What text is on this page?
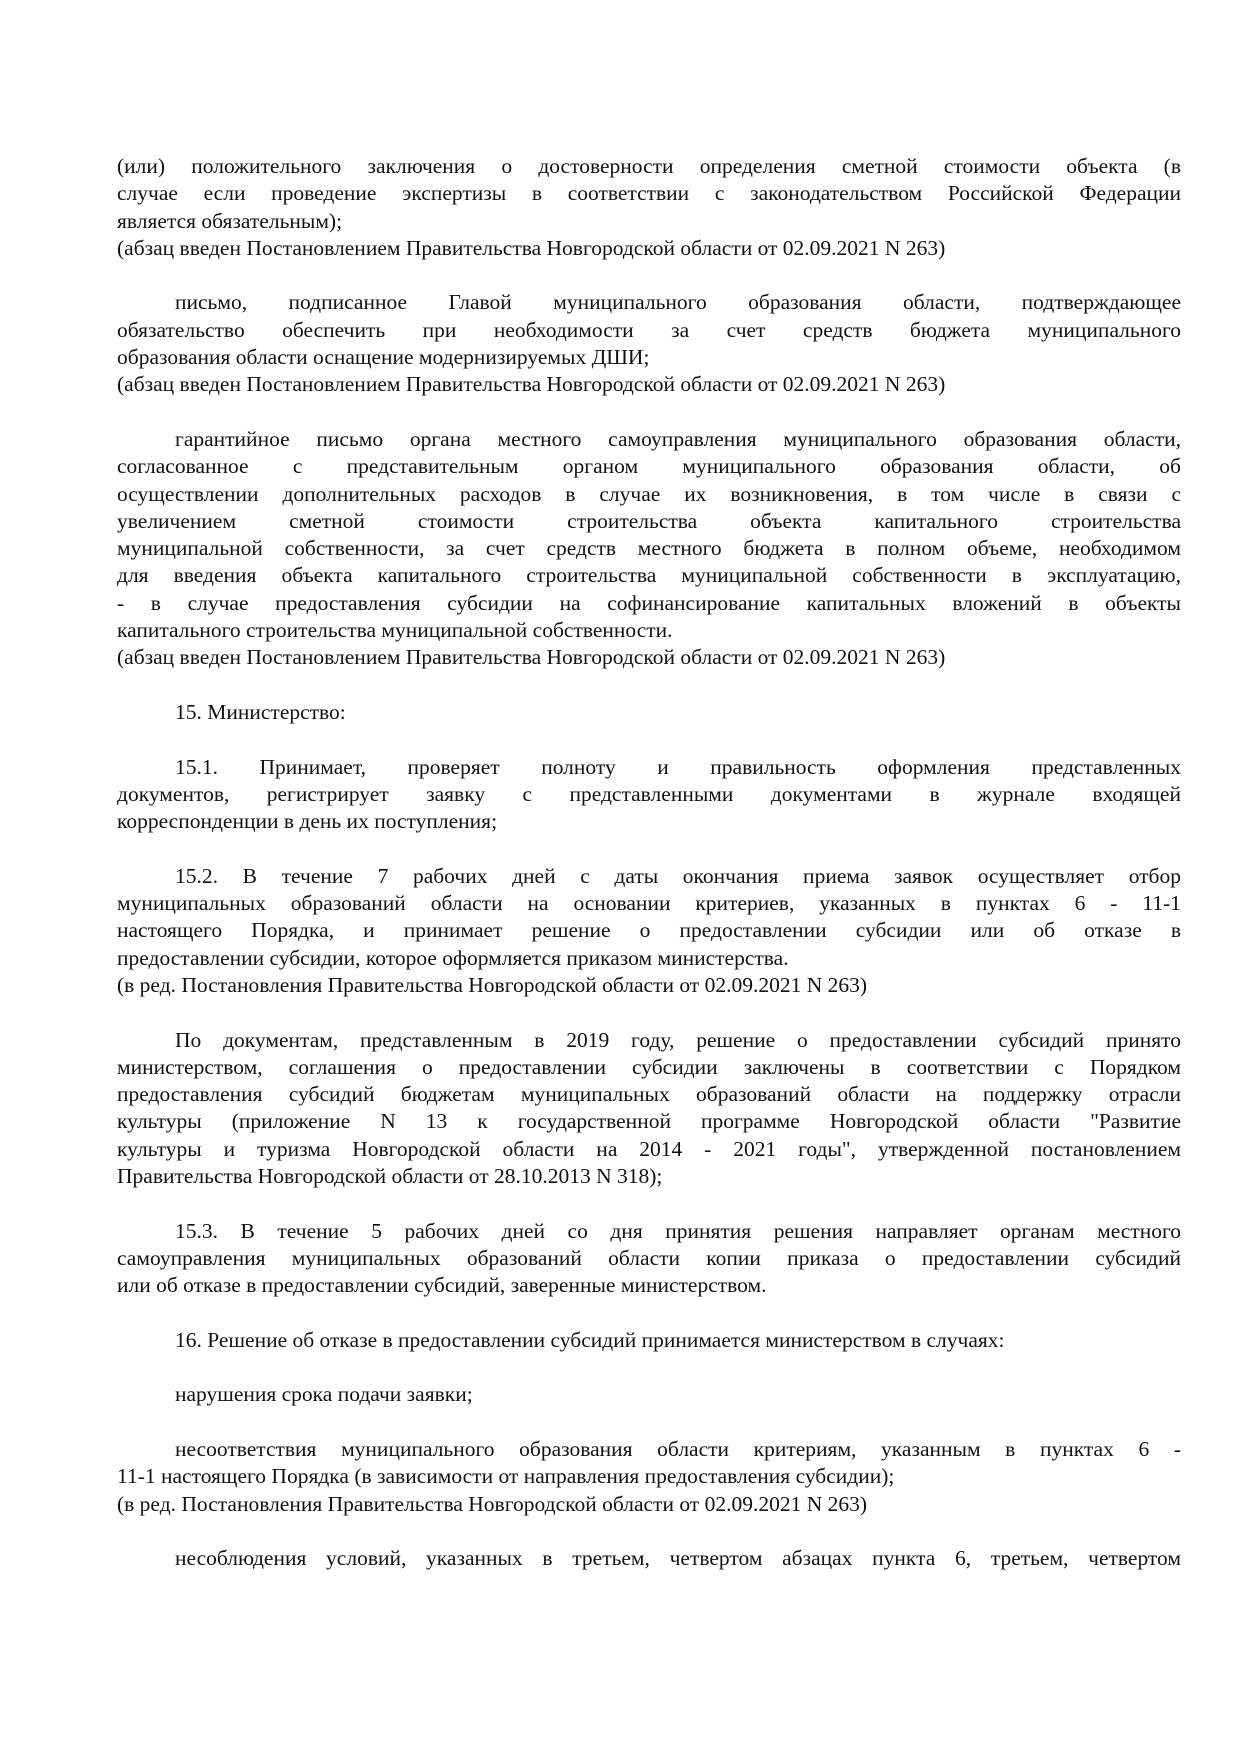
(или) положительного заключения о достоверности определения сметной стоимости объекта (в
случае если проведение экспертизы в соответствии с законодательством Российской Федерации
является обязательным);
(абзац введен Постановлением Правительства Новгородской области от 02.09.2021 N 263)
письмо, подписанное Главой муниципального образования области, подтверждающее
обязательство обеспечить при необходимости за счет средств бюджета муниципального
образования области оснащение модернизируемых ДШИ;
(абзац введен Постановлением Правительства Новгородской области от 02.09.2021 N 263)
гарантийное письмо органа местного самоуправления муниципального образования области,
согласованное с представительным органом муниципального образования области, об
осуществлении дополнительных расходов в случае их возникновения, в том числе в связи с
увеличением сметной стоимости строительства объекта капитального строительства
муниципальной собственности, за счет средств местного бюджета в полном объеме, необходимом
для введения объекта капитального строительства муниципальной собственности в эксплуатацию,
- в случае предоставления субсидии на софинансирование капитальных вложений в объекты
капитального строительства муниципальной собственности.
(абзац введен Постановлением Правительства Новгородской области от 02.09.2021 N 263)
15. Министерство:
15.1. Принимает, проверяет полноту и правильность оформления представленных
документов, регистрирует заявку с представленными документами в журнале входящей
корреспонденции в день их поступления;
15.2. В течение 7 рабочих дней с даты окончания приема заявок осуществляет отбор
муниципальных образований области на основании критериев, указанных в пунктах 6 - 11-1
настоящего Порядка, и принимает решение о предоставлении субсидии или об отказе в
предоставлении субсидии, которое оформляется приказом министерства.
(в ред. Постановления Правительства Новгородской области от 02.09.2021 N 263)
По документам, представленным в 2019 году, решение о предоставлении субсидий принято
министерством, соглашения о предоставлении субсидии заключены в соответствии с Порядком
предоставления субсидий бюджетам муниципальных образований области на поддержку отрасли
культуры (приложение N 13 к государственной программе Новгородской области "Развитие
культуры и туризма Новгородской области на 2014 - 2021 годы", утвержденной постановлением
Правительства Новгородской области от 28.10.2013 N 318);
15.3. В течение 5 рабочих дней со дня принятия решения направляет органам местного
самоуправления муниципальных образований области копии приказа о предоставлении субсидий
или об отказе в предоставлении субсидий, заверенные министерством.
16. Решение об отказе в предоставлении субсидий принимается министерством в случаях:
нарушения срока подачи заявки;
несоответствия муниципального образования области критериям, указанным в пунктах 6 -
11-1 настоящего Порядка (в зависимости от направления предоставления субсидии);
(в ред. Постановления Правительства Новгородской области от 02.09.2021 N 263)
несоблюдения условий, указанных в третьем, четвертом абзацах пункта 6, третьем, четвертом
